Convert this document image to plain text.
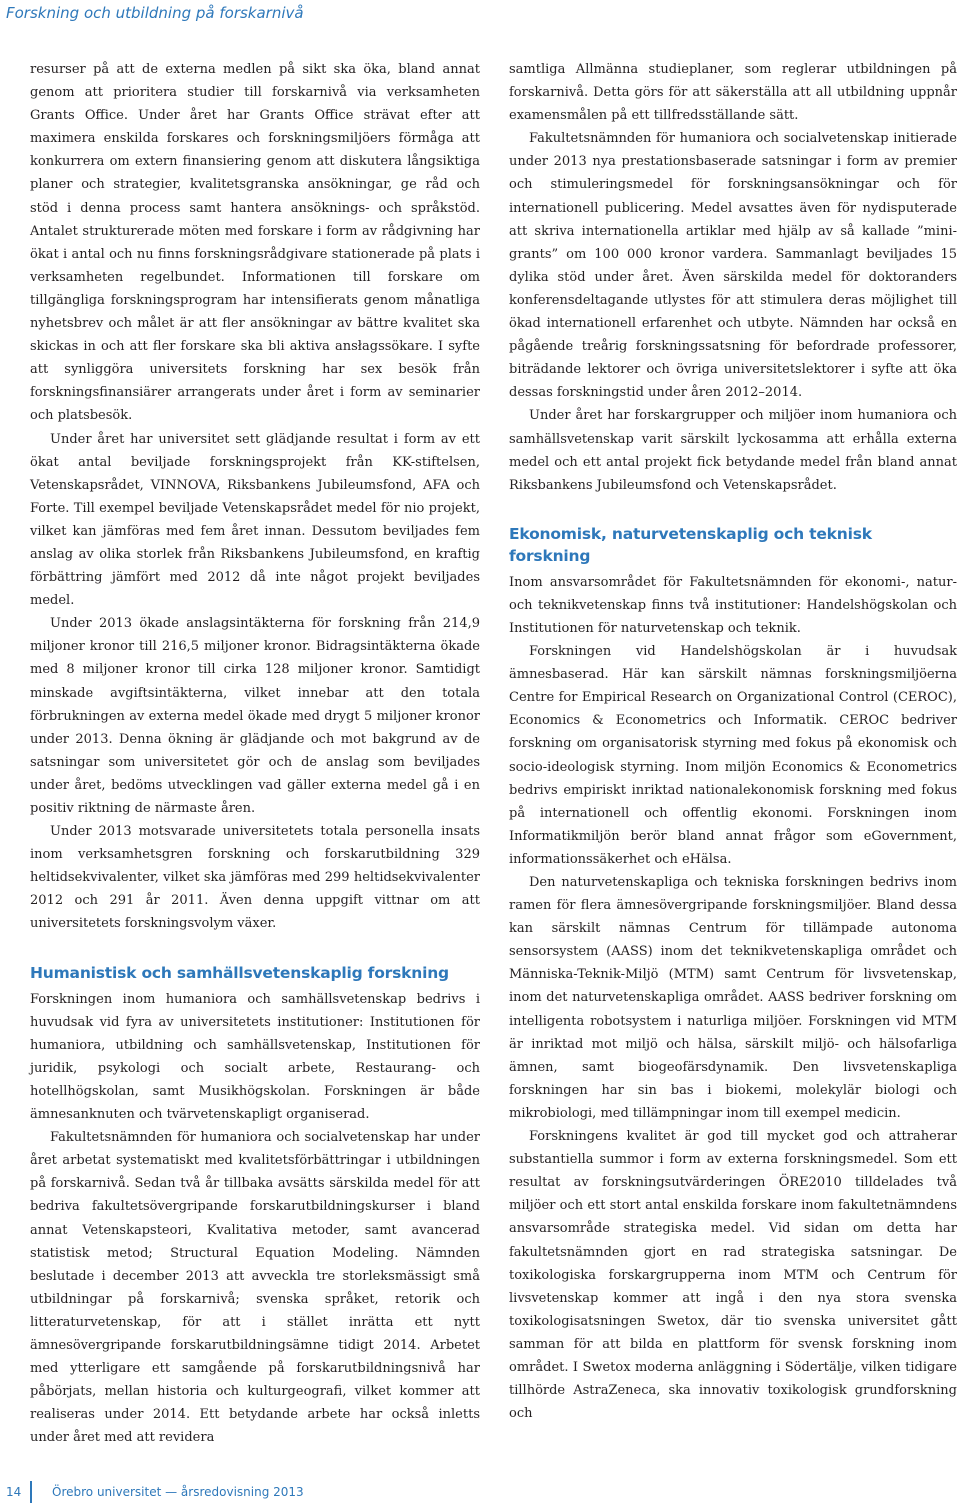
Forskning och utbildning på forskarnivå

resurser på att de externa medlen på sikt ska öka, bland annat genom att prioritera studier till forskarnivå via verksamheten Grants Office. Under året har Grants Office strävat efter att maximera enskilda forskares och forskningsmiljöers förmåga att konkurrera om extern finansiering genom att diskutera långsiktiga planer och strategier, kvalitetsgranska ansökningar, ge råd och stöd i denna process samt hantera ansöknings- och språkstöd. Antalet strukturerade möten med forskare i form av rådgivning har ökat i antal och nu finns forskningsrådgivare stationerade på plats i verksamheten regelbundet. Informationen till forskare om tillgängliga forskningsprogram har intensifierats genom månatliga nyhetsbrev och målet är att fler ansökningar av bättre kvalitet ska skickas in och att fler forskare ska bli aktiva ansłagssökare. I syfte att synliggöra universitets forskning har sex besök från forskningsfinansiärer arrangerats under året i form av seminarier och platsbesök.

Under året har universitet sett glädjande resultat i form av ett ökat antal beviljade forskningsprojekt från KK-stiftelsen, Vetenskapsrådet, VINNOVA, Riksbankens Jubileumsfond, AFA och Forte. Till exempel beviljade Vetenskapsrådet medel för nio projekt, vilket kan jämföras med fem året innan. Dessutom beviljades fem anslag av olika storlek från Riksbankens Jubileumsfond, en kraftig förbättring jämfört med 2012 då inte något projekt beviljades medel.

Under 2013 ökade anslagsintäkterna för forskning från 214,9 miljoner kronor till 216,5 miljoner kronor. Bidragsintäkterna ökade med 8 miljoner kronor till cirka 128 miljoner kronor. Samtidigt minskade avgiftsintäkterna, vilket innebar att den totala förbrukningen av externa medel ökade med drygt 5 miljoner kronor under 2013. Denna ökning är glädjande och mot bakgrund av de satsningar som universitetet gör och de anslag som beviljades under året, bedöms utvecklingen vad gäller externa medel gå i en positiv riktning de närmaste åren.

Under 2013 motsvarade universitetets totala personella insats inom verksamhetsgren forskning och forskarutbildning 329 heltidsekvivalenter, vilket ska jämföras med 299 heltidsekvivalenter 2012 och 291 år 2011. Även denna uppgift vittnar om att universitetets forskningsvolym växer.

Humanistisk och samhällsvetenskaplig forskning

Forskningen inom humaniora och samhällsvetenskap bedrivs i huvudsak vid fyra av universitetets institutioner: Institutionen för humaniora, utbildning och samhällsvetenskap, Institutionen för juridik, psykologi och socialt arbete, Restaurang- och hotellhögskolan, samt Musikhögskolan. Forskningen är både ämnesanknuten och tvärvetenskapligt organiserad.

Fakultetsnämnden för humaniora och socialvetenskap har under året arbetat systematiskt med kvalitetsförbättringar i utbildningen på forskarnivå. Sedan två år tillbaka avsätts särskilda medel för att bedriva fakultetsövergripande forskarutbildningskurser i bland annat Vetenskapsteori, Kvalitativa metoder, samt avancerad statistisk metod; Structural Equation Modeling. Nämnden beslutade i december 2013 att avveckla tre storleksmässigt små utbildningar på forskarnivå; svenska språket, retorik och litteraturvetenskap, för att i stället inrätta ett nytt ämnesövergripande forskarutbildningsämne tidigt 2014. Arbetet med ytterligare ett samgående på forskarutbildningsnivå har påbörjats, mellan historia och kulturgeografi, vilket kommer att realiseras under 2014. Ett betydande arbete har också inletts under året med att revidera

samtliga Allmänna studieplaner, som reglerar utbildningen på forskarnivå. Detta görs för att säkerställa att all utbildning uppnår examensmålen på ett tillfredsställande sätt.

Fakultetsnämnden för humaniora och socialvetenskap initierade under 2013 nya prestationsbaserade satsningar i form av premier och stimuleringsmedel för forskningsansökningar och för internationell publicering. Medel avsattes även för nydisputerade att skriva internationella artiklar med hjälp av så kallade ”mini-grants” om 100 000 kronor vardera. Sammanlagt beviljades 15 dylika stöd under året. Även särskilda medel för doktoranders konferensdeltagande utlystes för att stimulera deras möjlighet till ökad internationell erfarenhet och utbyte. Nämnden har också en pågående treårig forskningssatsning för befordrade professorer, biträdande lektorer och övriga universitetslektorer i syfte att öka dessas forskningstid under åren 2012–2014.

Under året har forskargrupper och miljöer inom humaniora och samhällsvetenskap varit särskilt lyckosamma att erhålla externa medel och ett antal projekt fick betydande medel från bland annat Riksbankens Jubileumsfond och Vetenskapsrådet.

Ekonomisk, naturvetenskaplig och teknisk forskning

Inom ansvarsområdet för Fakultetsnämnden för ekonomi-, natur- och teknikvetenskap finns två institutioner: Handelshögskolan och Institutionen för naturvetenskap och teknik.

Forskningen vid Handelshögskolan är i huvudsak ämnesbaserad. Här kan särskilt nämnas forskningsmiljöerna Centre for Empirical Research on Organizational Control (CEROC), Economics & Econometrics och Informatik. CEROC bedriver forskning om organisatorisk styrning med fokus på ekonomisk och socio-ideologisk styrning. Inom miljön Economics & Econometrics bedrivs empiriskt inriktad nationalekonomisk forskning med fokus på internationell och offentlig ekonomi. Forskningen inom Informatikmiljön berör bland annat frågor som eGovernment, informationssäkerhet och eHälsa.

Den naturvetenskapliga och tekniska forskningen bedrivs inom ramen för flera ämnesövergripande forskningsmiljöer. Bland dessa kan särskilt nämnas Centrum för tillämpade autonoma sensorsystem (AASS) inom det teknikvetenskapliga området och Människa-Teknik-Miljö (MTM) samt Centrum för livsvetenskap, inom det naturvetenskapliga området. AASS bedriver forskning om intelligenta robotsystem i naturliga miljöer. Forskningen vid MTM är inriktad mot miljö och hälsa, särskilt miljö- och hälsofarliga ämnen, samt biogeofärsdynamik. Den livsvetenskapliga forskningen har sin bas i biokemi, molekylär biologi och mikrobiologi, med tillämpningar inom till exempel medicin.

Forskningens kvalitet är god till mycket god och attraherar substantiella summor i form av externa forskningsmedel. Som ett resultat av forskningsutvärderingen ÖRE2010 tilldelades två miljöer och ett stort antal enskilda forskare inom fakultetnämndens ansvarsområde strategiska medel. Vid sidan om detta har fakultetsnämnden gjort en rad strategiska satsningar. De toxikologiska forskargrupperna inom MTM och Centrum för livsvetenskap kommer att ingå i den nya stora svenska toxikologisatsningen Swetox, där tio svenska universitet gått samman för att bilda en plattform för svensk forskning inom området. I Swetox moderna anläggning i Södertälje, vilken tidigare tillhörde AstraZeneca, ska innovativ toxikologisk grundforskning och

14	Örebro universitet — årsredovisning 2013
